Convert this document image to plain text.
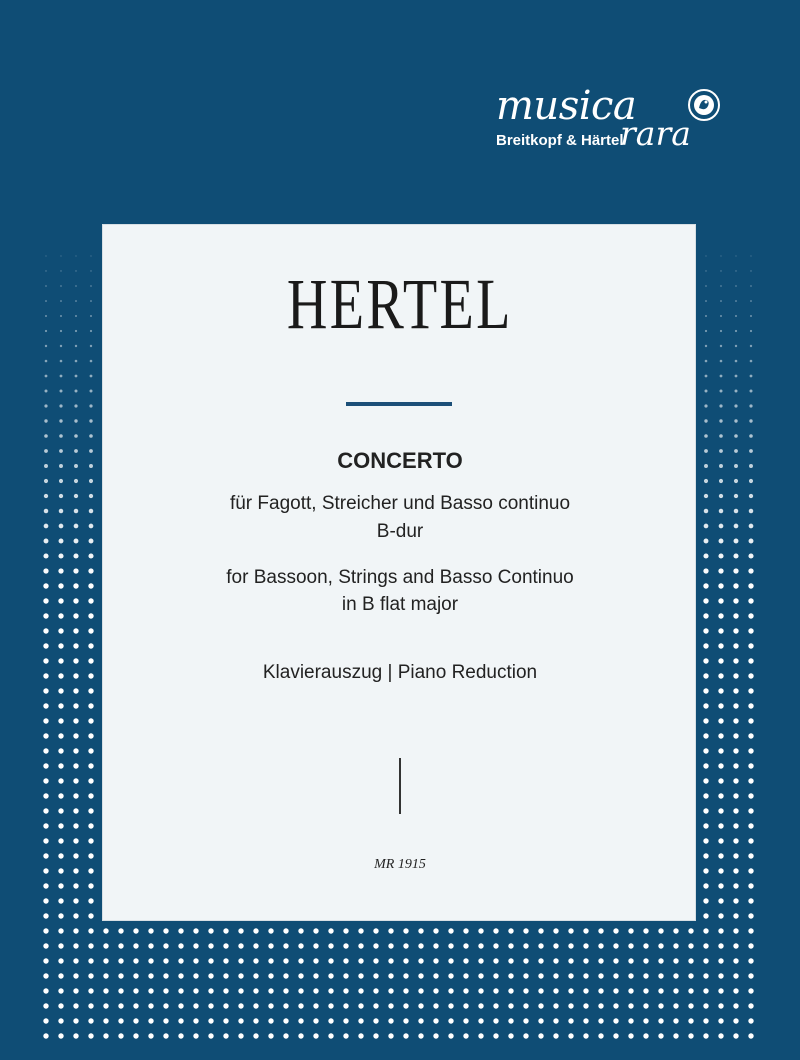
musica
rara
Breitkopf & Härtel
HERTEL
CONCERTO
für Fagott, Streicher und Basso continuo
B-dur
for Bassoon, Strings and Basso Continuo
in B flat major
Klavierauszug | Piano Reduction
MR 1915
